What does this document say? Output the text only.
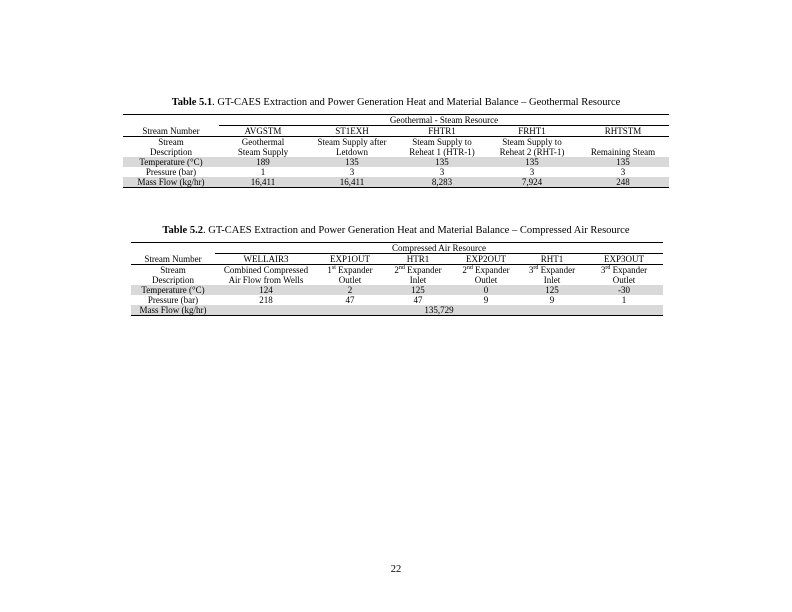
Table 5.1. GT-CAES Extraction and Power Generation Heat and Material Balance – Geothermal Resource
	Geothermal - Steam Resource				
Stream Number	AVGSTM	ST1EXH	FHTR1	FRHT1	RHTSTM
Stream	Geothermal	Steam Supply after	Steam Supply to	Steam Supply to	
Description	Steam Supply	Letdown	Reheat 1 (HTR-1)	Reheat 2 (RHT-1)	Remaining Steam
Temperature (°C)	189	135	135	135	135
Pressure (bar)	1	3	3	3	3
Mass Flow (kg/hr)	16,411	16,411	8,283	7,924	248
Table 5.2. GT-CAES Extraction and Power Generation Heat and Material Balance – Compressed Air Resource
	Compressed Air Resource					
Stream Number	WELLAIR3	EXP1OUT	HTR1	EXP2OUT	RHT1	EXP3OUT
Stream	Combined Compressed	1st Expander	2nd Expander	2nd Expander	3rd Expander	3rd Expander
Description	Air Flow from Wells	Outlet	Inlet	Outlet	Inlet	Outlet
Temperature (°C)	124	2	125	0	125	-30
Pressure (bar)	218	47	47	9	9	1
Mass Flow (kg/hr)	135,729					
22
